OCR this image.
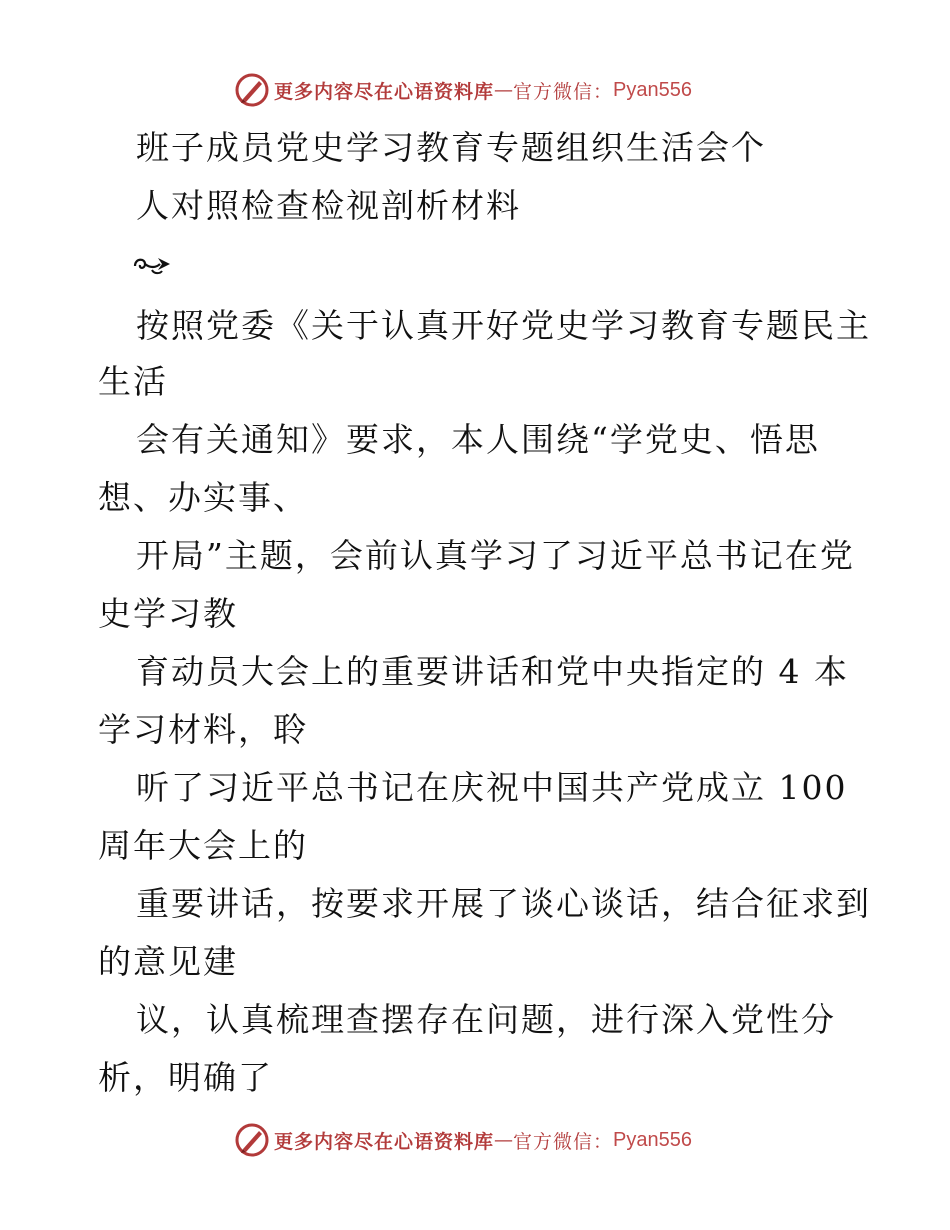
更多内容尽在心语资料库 — 官方微信： Pyan556
班子成员党史学习教育专题组织生活会个
人对照检查检视剖析材料
按照党委《关于认真开好党史学习教育专题民主
生活
会有关通知》要求，本人围绕“学党史、悟思
想、办实事、
开局”主题，会前认真学习了习近平总书记在党
史学习教
育动员大会上的重要讲话和党中央指定的 4 本
学习材料，聆
听了习近平总书记在庆祝中国共产党成立 100
周年大会上的
重要讲话，按要求开展了谈心谈话，结合征求到
的意见建
议，认真梳理查摆存在问题，进行深入党性分
析，明确了
更多内容尽在心语资料库 — 官方微信： Pyan556
